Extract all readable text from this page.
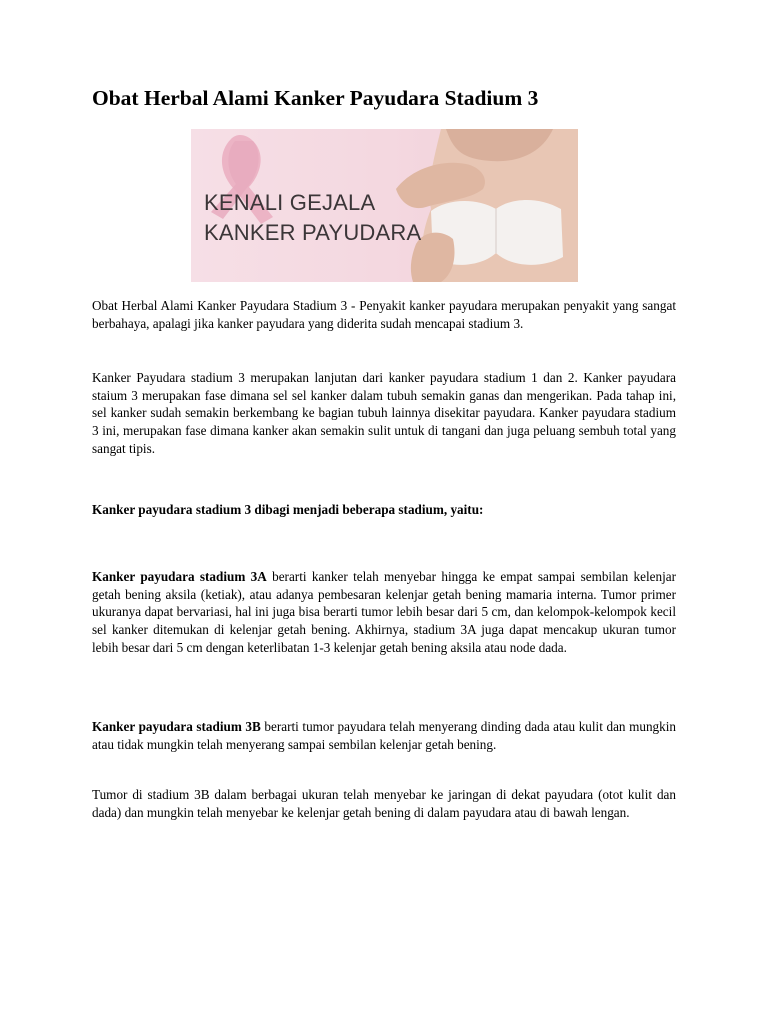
Obat Herbal Alami Kanker Payudara Stadium 3
KENALI GEJALA
KANKER PAYUDARA

Obat Herbal Alami Kanker Payudara Stadium 3 - Penyakit kanker payudara merupakan penyakit yang sangat berbahaya, apalagi jika kanker payudara yang diderita sudah mencapai stadium 3.

Kanker Payudara stadium 3 merupakan lanjutan dari kanker payudara stadium 1 dan 2. Kanker payudara staium 3 merupakan fase dimana sel sel kanker dalam tubuh semakin ganas dan mengerikan. Pada tahap ini, sel kanker sudah semakin berkembang ke bagian tubuh lainnya disekitar payudara. Kanker payudara stadium 3 ini, merupakan fase dimana kanker akan semakin sulit untuk di tangani dan juga peluang sembuh total yang sangat tipis.

Kanker payudara stadium 3 dibagi menjadi beberapa stadium, yaitu:

Kanker payudara stadium 3A berarti kanker telah menyebar hingga ke empat sampai sembilan kelenjar getah bening aksila (ketiak), atau adanya pembesaran kelenjar getah bening mamaria interna. Tumor primer ukuranya dapat bervariasi, hal ini juga bisa berarti tumor lebih besar dari 5 cm, dan kelompok-kelompok kecil sel kanker ditemukan di kelenjar getah bening. Akhirnya, stadium 3A juga dapat mencakup ukuran tumor lebih besar dari 5 cm dengan keterlibatan 1-3 kelenjar getah bening aksila atau node dada.

Kanker payudara stadium 3B berarti tumor payudara telah menyerang dinding dada atau kulit dan mungkin atau tidak mungkin telah menyerang sampai sembilan kelenjar getah bening.

Tumor di stadium 3B dalam berbagai ukuran telah menyebar ke jaringan di dekat payudara (otot kulit dan dada) dan mungkin telah menyebar ke kelenjar getah bening di dalam payudara atau di bawah lengan.
